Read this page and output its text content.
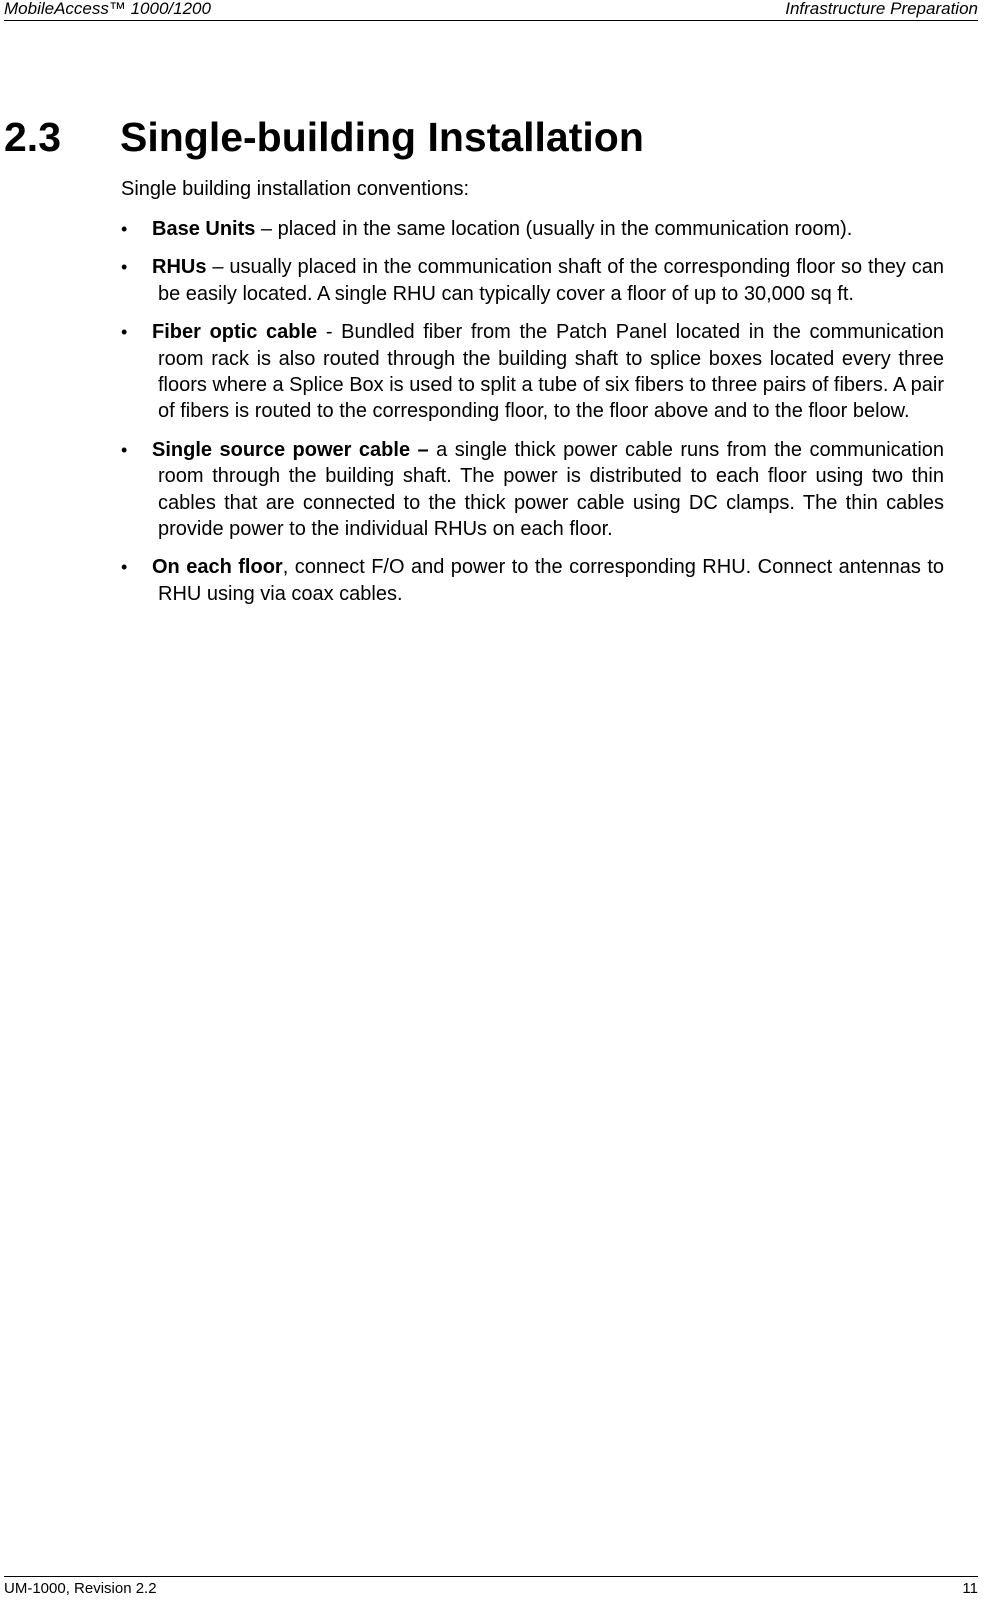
MobileAccess™ 1000/1200	Infrastructure Preparation
2.3 Single-building Installation
Single building installation conventions:
• Base Units – placed in the same location (usually in the communication room).
• RHUs – usually placed in the communication shaft of the corresponding floor so they can be easily located. A single RHU can typically cover a floor of up to 30,000 sq ft.
• Fiber optic cable - Bundled fiber from the Patch Panel located in the communication room rack is also routed through the building shaft to splice boxes located every three floors where a Splice Box is used to split a tube of six fibers to three pairs of fibers. A pair of fibers is routed to the corresponding floor, to the floor above and to the floor below.
• Single source power cable – a single thick power cable runs from the communication room through the building shaft. The power is distributed to each floor using two thin cables that are connected to the thick power cable using DC clamps. The thin cables provide power to the individual RHUs on each floor.
• On each floor, connect F/O and power to the corresponding RHU. Connect antennas to RHU using via coax cables.
UM-1000, Revision 2.2	11
